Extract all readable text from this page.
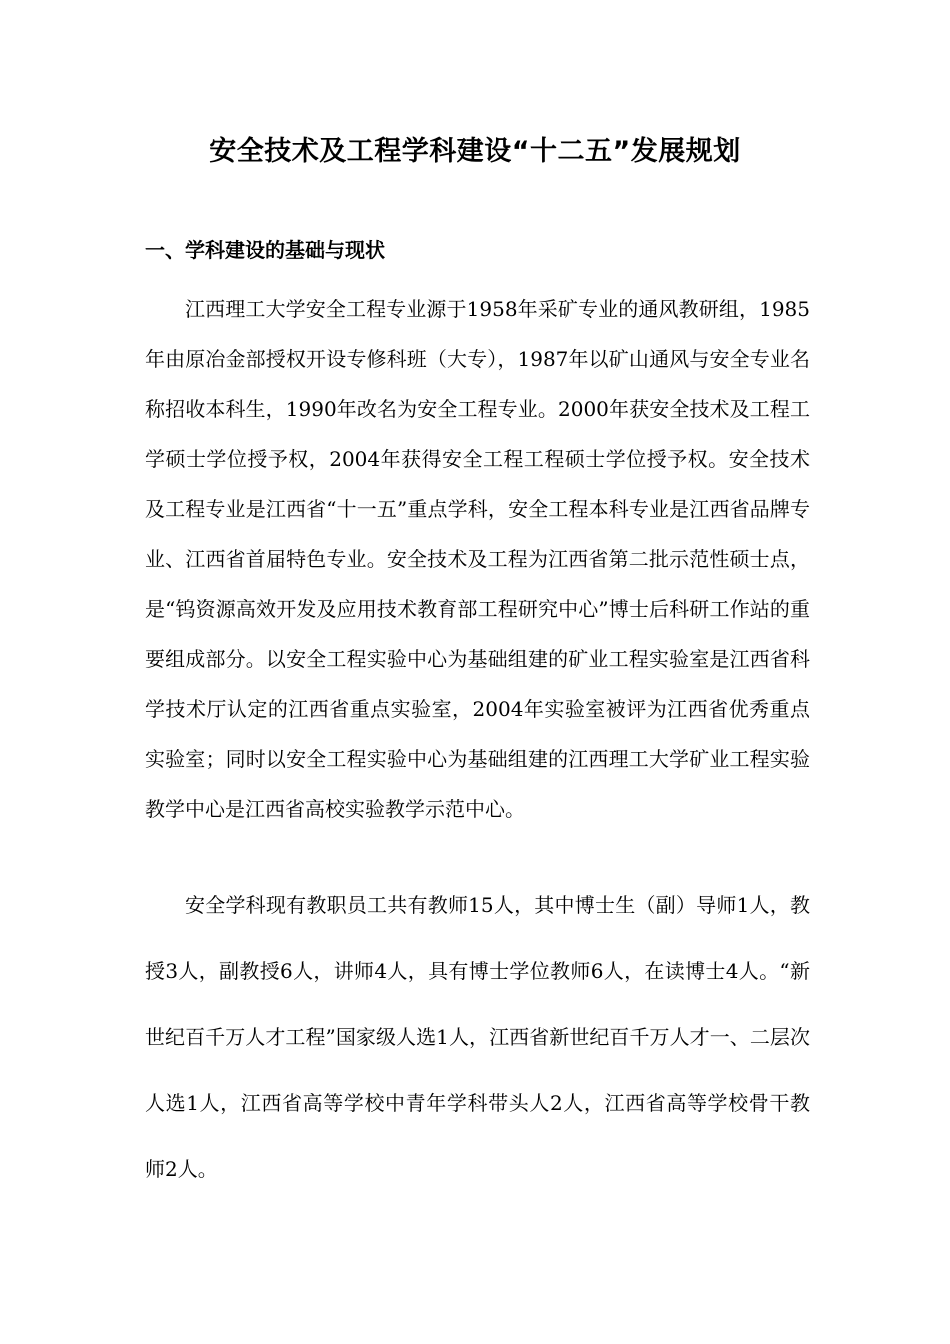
安全技术及工程学科建设“十二五”发展规划
一、学科建设的基础与现状

江西理工大学安全工程专业源于1958年采矿专业的通风教研组，1985年由原冶金部授权开设专修科班（大专），1987年以矿山通风与安全专业名称招收本科生，1990年改名为安全工程专业。2000年获安全技术及工程工学硕士学位授予权，2004年获得安全工程工程硕士学位授予权。安全技术及工程专业是江西省“十一五”重点学科，安全工程本科专业是江西省品牌专业、江西省首届特色专业。安全技术及工程为江西省第二批示范性硕士点，是“钨资源高效开发及应用技术教育部工程研究中心”博士后科研工作站的重要组成部分。以安全工程实验中心为基础组建的矿业工程实验室是江西省科学技术厅认定的江西省重点实验室，2004年实验室被评为江西省优秀重点实验室；同时以安全工程实验中心为基础组建的江西理工大学矿业工程实验教学中心是江西省高校实验教学示范中心。

安全学科现有教职员工共有教师15人，其中博士生（副）导师1人，教授3人，副教授6人，讲师4人，具有博士学位教师6人，在读博士4人。“新世纪百千万人才工程”国家级人选1人，江西省新世纪百千万人才一、二层次人选1人，江西省高等学校中青年学科带头人2人，江西省高等学校骨干教师2人。
